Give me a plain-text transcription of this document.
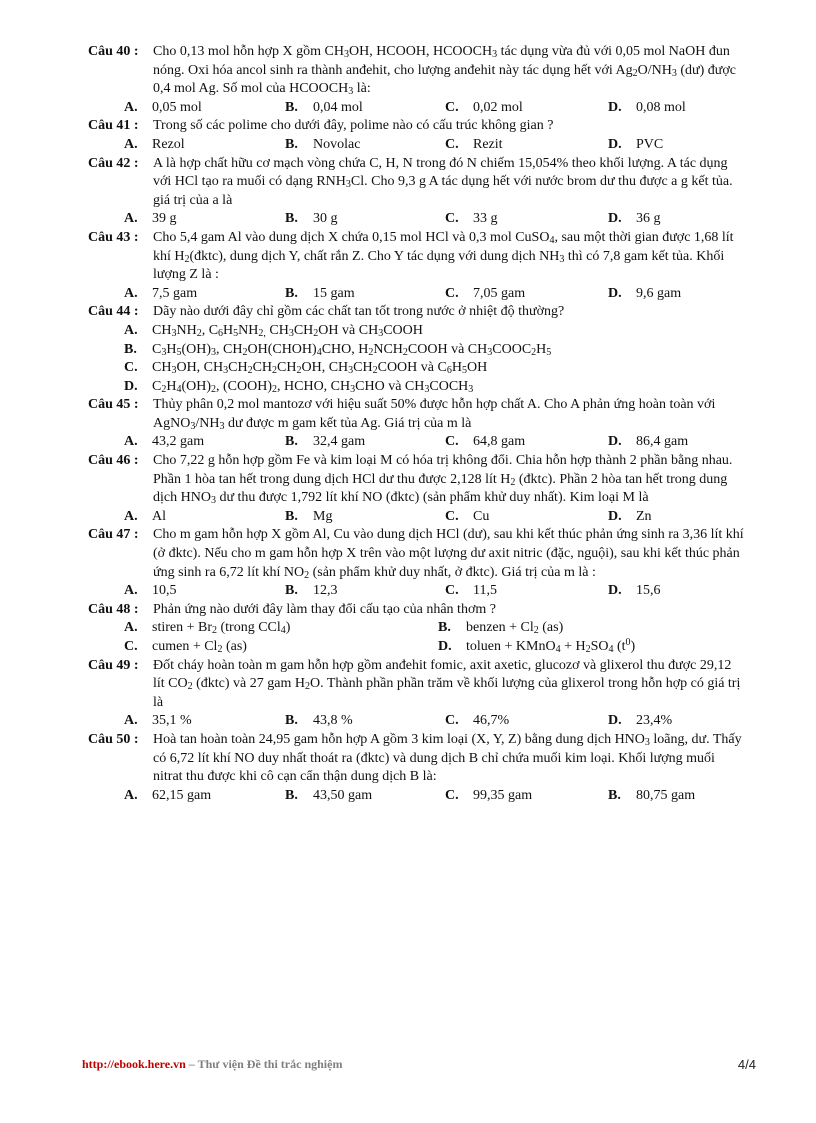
Câu 40 : Cho 0,13 mol hỗn hợp X gồm $CH_3OH$, HCOOH, $HCOOCH_3$ tác dụng vừa đủ với 0,05 mol NaOH đun nóng. Oxi hóa ancol sinh ra thành anđehit, cho lượng anđehit này tác dụng hết với $Ag_2O/NH_3$ (dư) được 0,4 mol Ag. Số mol của $HCOOCH_3$ là:
A. 0,05 mol	B. 0,04 mol	C. 0,02 mol	D. 0,08 mol
Câu 41 : Trong số các polime cho dưới đây, polime nào có cấu trúc không gian ?
A. Rezol	B. Novolac	C. Rezit	D. PVC
Câu 42 : A là hợp chất hữu cơ mạch vòng chứa C, H, N trong đó N chiếm 15,054% theo khối lượng. A tác dụng với HCl tạo ra muối có dạng $RNH_3Cl$. Cho 9,3 g A tác dụng hết với nước brom dư thu được a g kết tủa. giá trị của a là
A. 39 g	B. 30 g	C. 33 g	D. 36 g
Câu 43 : Cho 5,4 gam Al vào dung dịch X chứa 0,15 mol HCl và 0,3 mol CuSO$_4$, sau một thời gian được 1,68 lít khí $H_2(đktc)$, dung dịch Y, chất rắn Z. Cho Y tác dụng với dung dịch $NH_3$ thì có 7,8 gam kết tủa. Khối lượng Z là :
A. 7,5 gam	B. 15 gam	C. 7,05 gam	D. 9,6 gam
Câu 44 : Dãy nào dưới đây chỉ gồm các chất tan tốt trong nước ở nhiệt độ thường?
A. $CH_3NH_2$, $C_6H_5NH_{2,}$ $CH_3CH_2OH$ và $CH_3COOH$
B. $C_3H_5(OH)_3$, $CH_2OH(CHOH)_4CHO$, $H_2NCH_2COOH$ và $CH_3COOC_2H_5$
C. $CH_3OH$, $CH_3CH_2CH_2CH_2OH$, $CH_3CH_2COOH$ và $C_6H_5OH$
D. $C_2H_4(OH)_2$, $(COOH)_2$, HCHO, $CH_3CHO$ và $CH_3COCH_3$
Câu 45 : Thủy phân 0,2 mol mantozơ với hiệu suất 50% được hỗn hợp chất A. Cho A phản ứng hoàn toàn với $AgNO_3/NH_3$ dư được m gam kết tủa Ag. Giá trị của m là
A. 43,2 gam	B. 32,4 gam	C. 64,8 gam	D. 86,4 gam
Câu 46 : Cho 7,22 g hỗn hợp gồm Fe và kim loại M có hóa trị không đổi. Chia hỗn hợp thành 2 phần bằng nhau. Phần 1 hòa tan hết trong dung dịch HCl dư thu được 2,128 lít $H_2$ (đktc). Phần 2 hòa tan hết trong dung dịch $HNO_3$ dư thu được 1,792 lít khí NO (đktc) (sản phẩm khử duy nhất). Kim loại M là
A. Al	B. Mg	C. Cu	D. Zn
Câu 47 : Cho m gam hỗn hợp X gồm Al, Cu vào dung dịch HCl (dư), sau khi kết thúc phản ứng sinh ra 3,36 lít khí (ở đktc). Nếu cho m gam hỗn hợp X trên vào một lượng dư axit nitric (đặc, nguội), sau khi kết thúc phản ứng sinh ra 6,72 lít khí $NO_2$ (sản phẩm khử duy nhất, ở đktc). Giá trị của m là :
A. 10,5	B. 12,3	C. 11,5	D. 15,6
Câu 48 : Phản ứng nào dưới đây làm thay đổi cấu tạo của nhân thơm ?
A. stiren + $Br_2$ (trong CCl$_4$)	B. benzen + $Cl_2$ (as)
C. cumen + $Cl_2$ (as)	D. toluen + KMnO$_4$ + $H_2SO_4$ $(t^0)$
Câu 49 : Đốt cháy hoàn toàn m gam hỗn hợp gồm anđehit fomic, axit axetic, glucozơ và glixerol thu được 29,12 lít $CO_2$ (đktc) và 27 gam $H_2O$. Thành phần phần trăm về khối lượng của glixerol trong hỗn hợp có giá trị là
A. 35,1 %	B. 43,8 %	C. 46,7%	D. 23,4%
Câu 50 : Hoà tan hoàn toàn 24,95 gam hỗn hợp A gồm 3 kim loại (X, Y, Z) bằng dung dịch $HNO_3$ loãng, dư. Thấy có 6,72 lít khí NO duy nhất thoát ra (đktc) và dung dịch B chỉ chứa muối kim loại. Khối lượng muối nitrat thu được khi cô cạn cẩn thận dung dịch B là:
A. 62,15 gam	B. 43,50 gam	C. 99,35 gam	B. 80,75 gam
http://ebook.here.vn – Thư viện Đề thi trắc nghiệm	4/4
